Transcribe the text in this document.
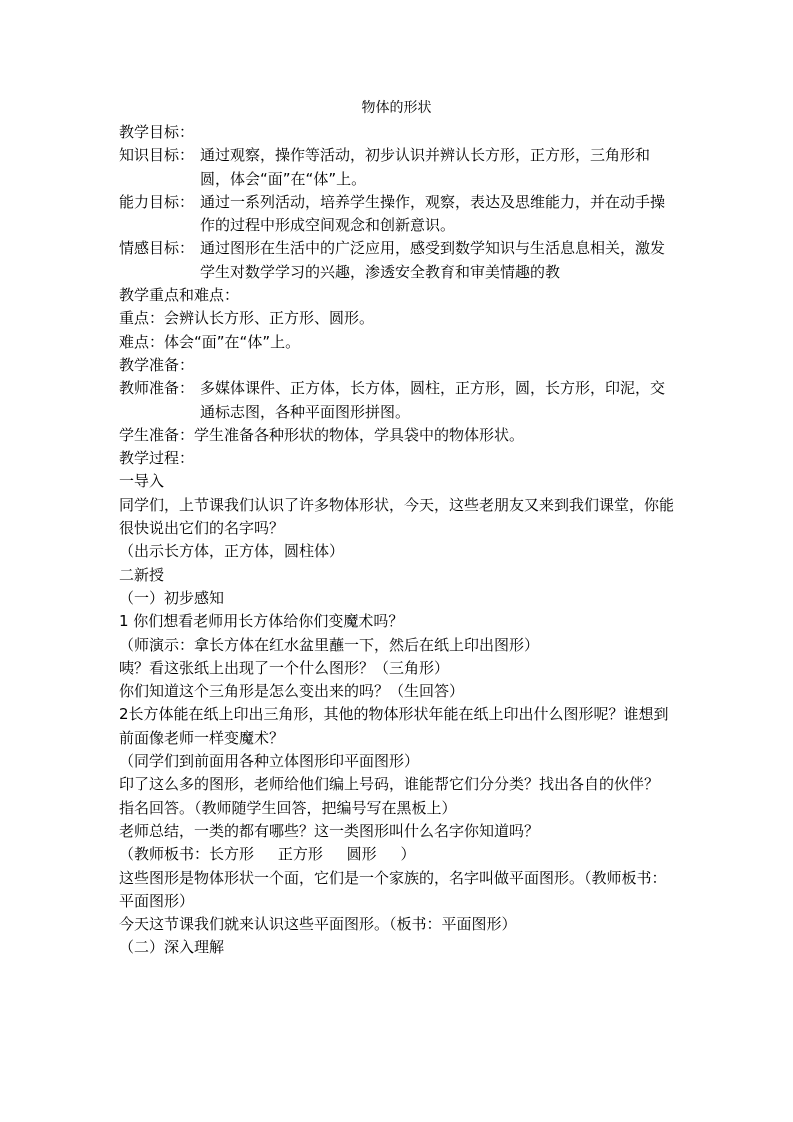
物体的形状
教学目标：
知识目标： 通过观察，操作等活动，初步认识并辨认长方形，正方形，三角形和圆，体会“面”在“体”上。
能力目标： 通过一系列活动，培养学生操作，观察，表达及思维能力，并在动手操作的过程中形成空间观念和创新意识。
情感目标： 通过图形在生活中的广泛应用，感受到数学知识与生活息息相关，激发学生对数学学习的兴趣，渗透安全教育和审美情趣的教
教学重点和难点：
重点：会辨认长方形、正方形、圆形。
难点：体会“面”在“体”上。
教学准备：
教师准备： 多媒体课件、正方体，长方体，圆柱，正方形，圆，长方形，印泥，交通标志图，各种平面图形拼图。
学生准备：学生准备各种形状的物体，学具袋中的物体形状。
教学过程：
一导入
同学们，上节课我们认识了许多物体形状，今天，这些老朋友又来到我们课堂，你能很快说出它们的名字吗？
（出示长方体，正方体，圆柱体）
二新授
（一）初步感知
1 你们想看老师用长方体给你们变魔术吗？
（师演示：拿长方体在红水盆里蘸一下，然后在纸上印出图形）
咦？看这张纸上出现了一个什么图形？（三角形）
你们知道这个三角形是怎么变出来的吗？（生回答）
2长方体能在纸上印出三角形，其他的物体形状年能在纸上印出什么图形呢？谁想到前面像老师一样变魔术？
（同学们到前面用各种立体图形印平面图形）
印了这么多的图形，老师给他们编上号码，谁能帮它们分分类？找出各自的伙伴？
指名回答。（教师随学生回答，把编号写在黑板上）
老师总结，一类的都有哪些？这一类图形叫什么名字你知道吗？
（教师板书：长方形     正方形     圆形     ）
这些图形是物体形状一个面，它们是一个家族的，名字叫做平面图形。（教师板书：平面图形）
今天这节课我们就来认识这些平面图形。（板书：平面图形）
（二）深入理解
